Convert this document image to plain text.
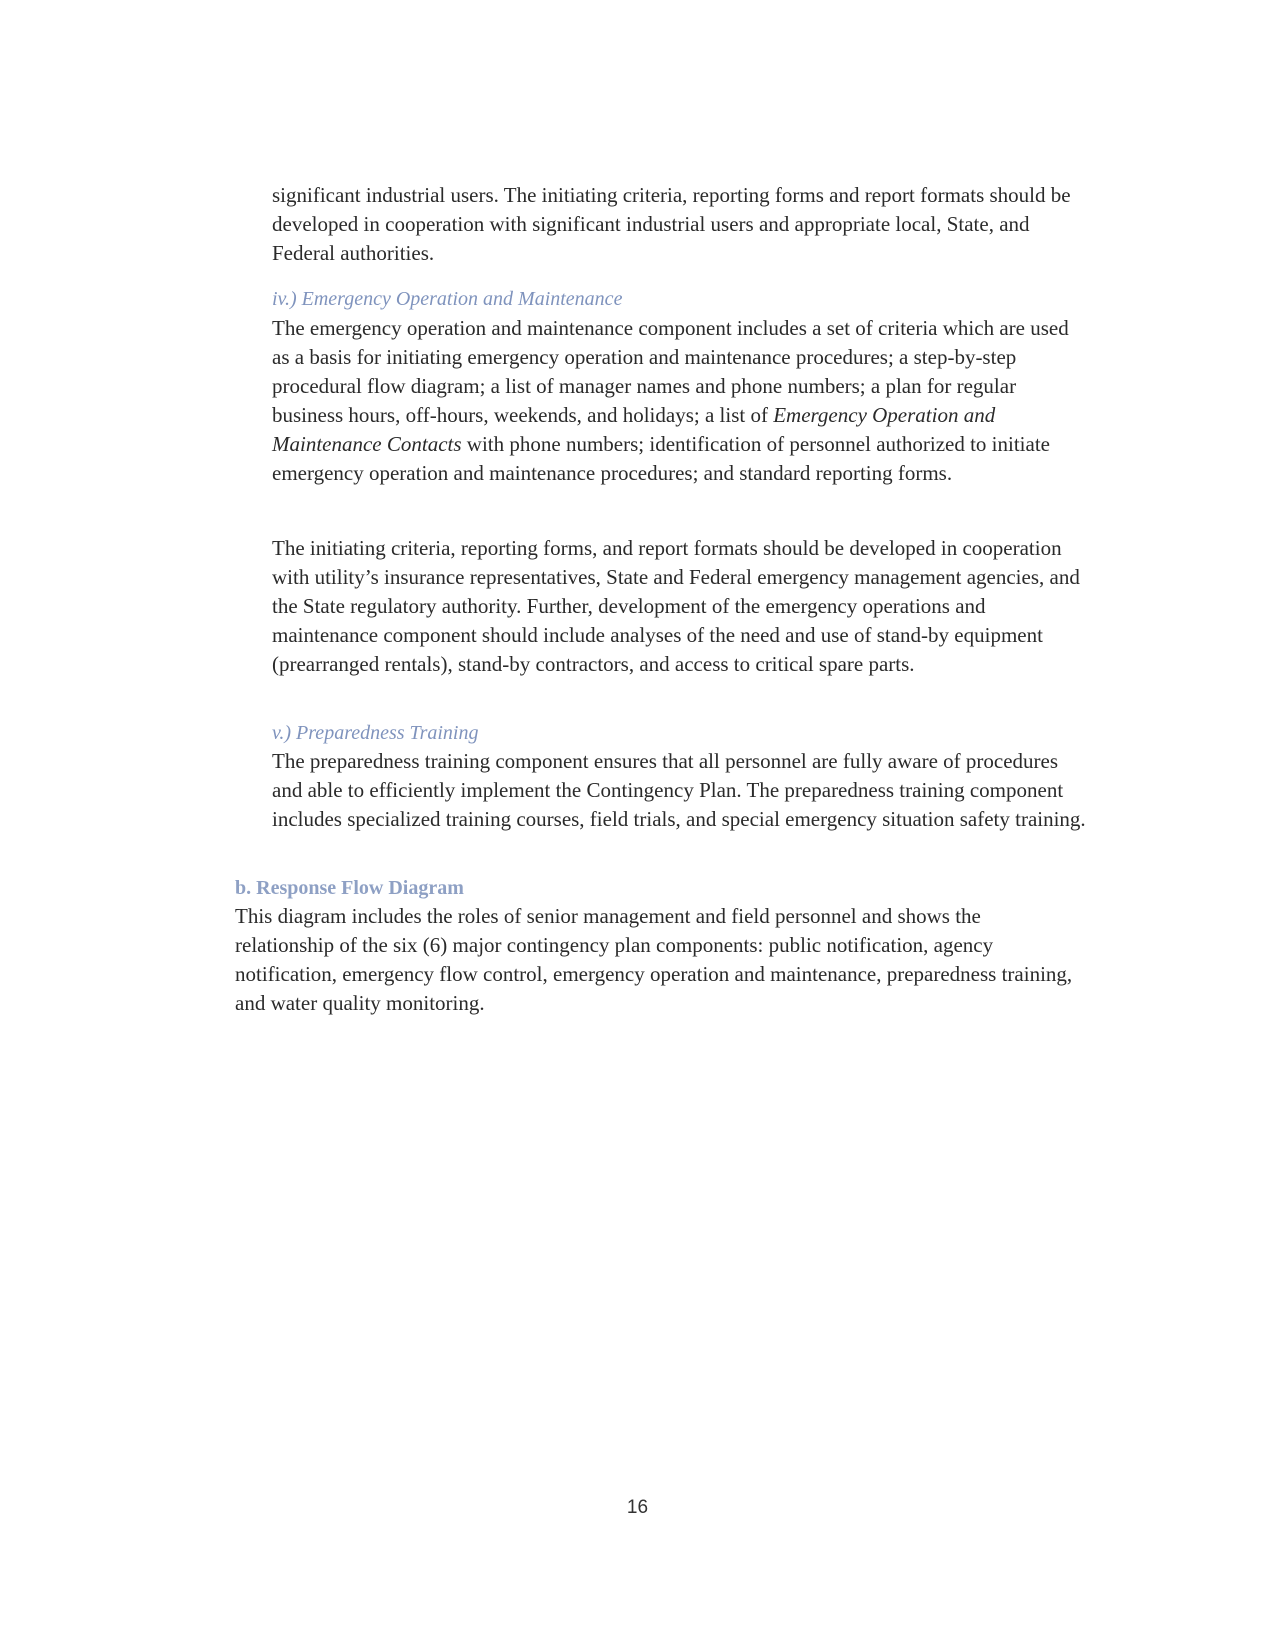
significant industrial users. The initiating criteria, reporting forms and report formats should be developed in cooperation with significant industrial users and appropriate local, State, and Federal authorities.

iv.) Emergency Operation and Maintenance

The emergency operation and maintenance component includes a set of criteria which are used as a basis for initiating emergency operation and maintenance procedures; a step-by-step procedural flow diagram; a list of manager names and phone numbers; a plan for regular business hours, off-hours, weekends, and holidays; a list of Emergency Operation and Maintenance Contacts with phone numbers; identification of personnel authorized to initiate emergency operation and maintenance procedures; and standard reporting forms.

The initiating criteria, reporting forms, and report formats should be developed in cooperation with utility’s insurance representatives, State and Federal emergency management agencies, and the State regulatory authority. Further, development of the emergency operations and maintenance component should include analyses of the need and use of stand-by equipment (prearranged rentals), stand-by contractors, and access to critical spare parts.

v.) Preparedness Training

The preparedness training component ensures that all personnel are fully aware of procedures and able to efficiently implement the Contingency Plan. The preparedness training component includes specialized training courses, field trials, and special emergency situation safety training.

b. Response Flow Diagram

This diagram includes the roles of senior management and field personnel and shows the relationship of the six (6) major contingency plan components: public notification, agency notification, emergency flow control, emergency operation and maintenance, preparedness training, and water quality monitoring.

16
